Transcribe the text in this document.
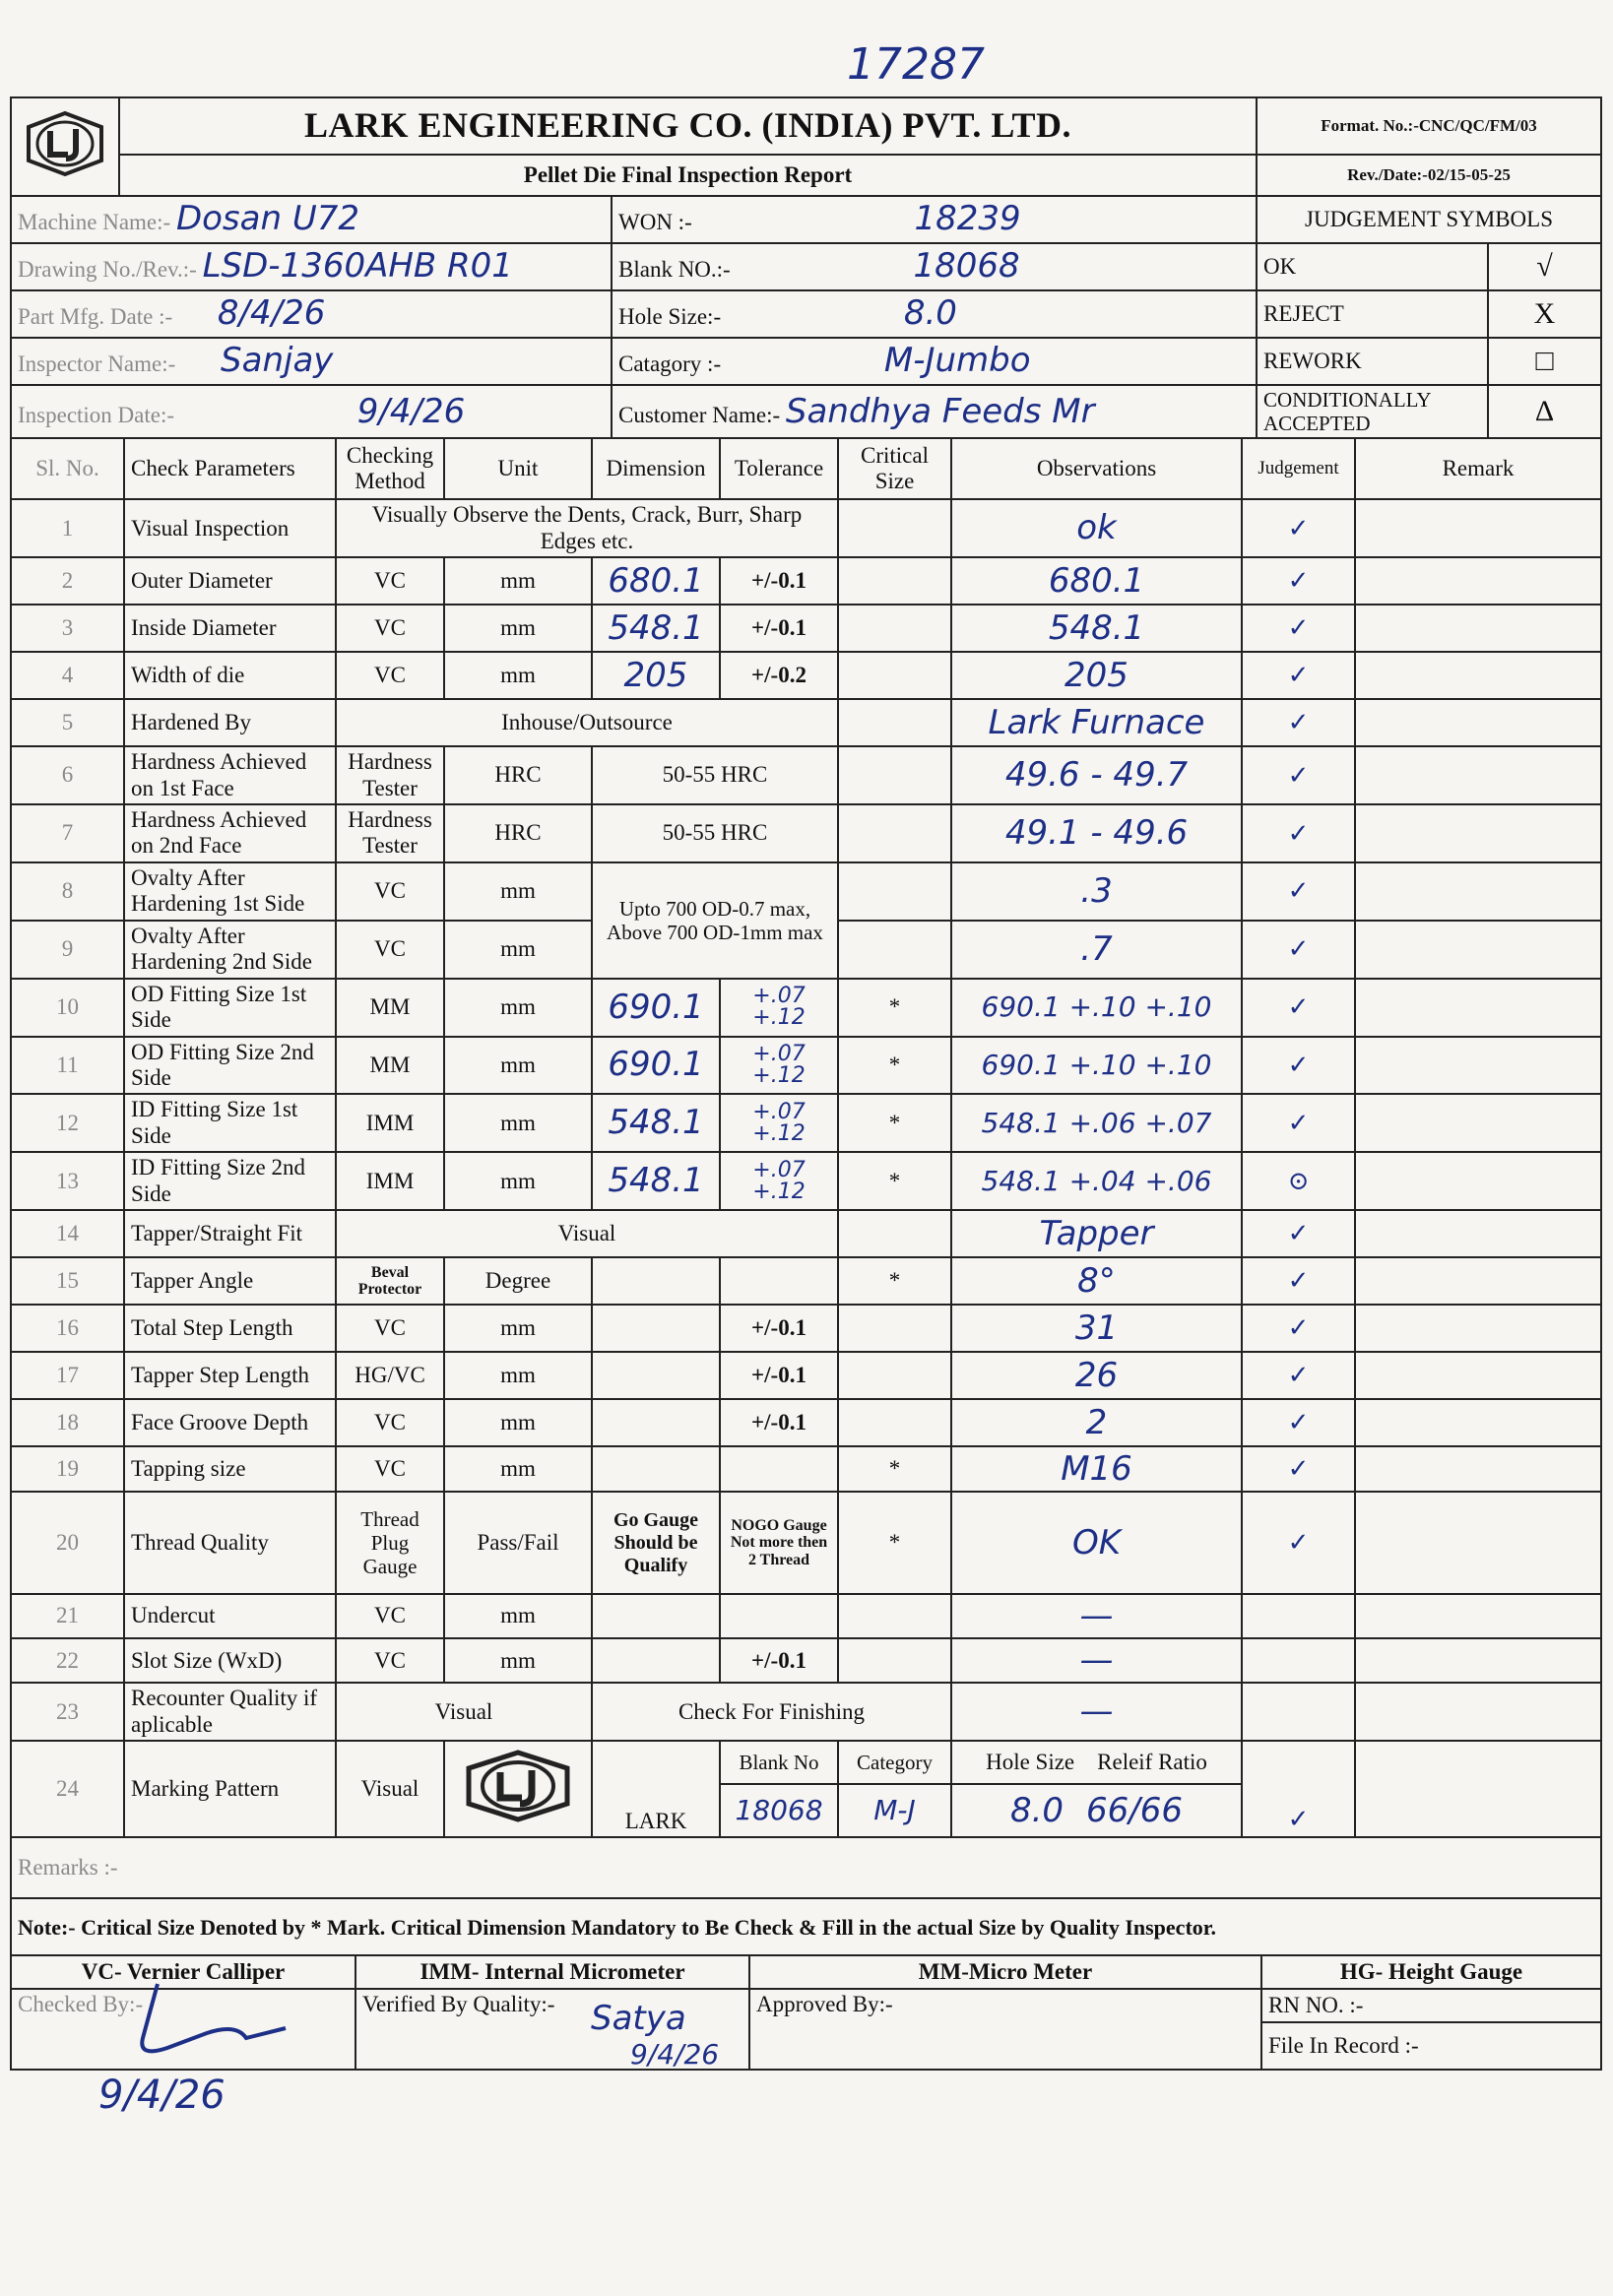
17287
	LARK ENGINEERING CO. (INDIA) PVT. LTD.		Format. No.:-CNC/QC/FM/03	
	Pellet Die Final Inspection Report		Rev./Date:-02/15-05-25	
Machine Name:- Dosan U72		WON :- 18239	JUDGEMENT SYMBOLS	
Drawing No./Rev.:- LSD-1360AHB R01		Blank NO.:- 18068	OK	√
Part Mfg. Date :- 8/4/26		Hole Size:- 8.0	REJECT	X
Inspector Name:- Sanjay		Catagory :- M-Jumbo	REWORK	□
Inspection Date:- 9/4/26		Customer Name:- Sandhya Feeds Mr	CONDITIONALLY ACCEPTED	Δ
Sl. No.	Check Parameters	Checking Method	Unit	Dimension	Tolerance	Critical Size	Observations	Judgement	Remark
1	Visual Inspection	Visually Observe the Dents, Crack, Burr, Sharp Edges etc.					ok	✓	
2	Outer Diameter	VC	mm	680.1	+/-0.1		680.1	✓	
3	Inside Diameter	VC	mm	548.1	+/-0.1		548.1	✓	
4	Width of die	VC	mm	205	+/-0.2		205	✓	
5	Hardened By	Inhouse/Outsource					Lark Furnace	✓	
6	Hardness Achieved on 1st Face	Hardness Tester	HRC	50-55 HRC			49.6 - 49.7	✓	
7	Hardness Achieved on 2nd Face	Hardness Tester	HRC	50-55 HRC			49.1 - 49.6	✓	
8	Ovalty After Hardening 1st Side	VC	mm	Upto 700 OD-0.7 max, Above 700 OD-1mm max			.3	✓	
9	Ovalty After Hardening 2nd Side	VC	mm				.7	✓	
10	OD Fitting Size 1st Side	MM	mm	690.1	+.07 +.12	*	690.1 +.10 +.10	✓	
11	OD Fitting Size 2nd Side	MM	mm	690.1	+.07 +.12	*	690.1 +.10 +.10	✓	
12	ID Fitting Size 1st Side	IMM	mm	548.1	+.07 +.12	*	548.1 +.06 +.07	✓	
13	ID Fitting Size 2nd Side	IMM	mm	548.1	+.07 +.12	*	548.1 +.04 +.06	⊙	
14	Tapper/Straight Fit	Visual					Tapper	✓	
15	Tapper Angle	Beval Protector	Degree			*	8°	✓	
16	Total Step Length	VC	mm		+/-0.1		31	✓	
17	Tapper Step Length	HG/VC	mm		+/-0.1		26	✓	
18	Face Groove Depth	VC	mm		+/-0.1		2	✓	
19	Tapping size	VC	mm			*	M16	✓	
20	Thread Quality	Thread Plug Gauge	Pass/Fail	Go Gauge Should be Qualify	NOGO Gauge Not more then 2 Thread	*	OK	✓	
21	Undercut	VC	mm				—		
22	Slot Size (WxD)	VC	mm		+/-0.1		—		
23	Recounter Quality if aplicable	Visual		Check For Finishing			—		
24	Marking Pattern	Visual		LARK	Blank No	Category	Hole Size Releif Ratio	✓	
					18068	M-J	8.0 66/66		
Remarks :-			
Note:- Critical Size Denoted by * Mark. Critical Dimension Mandatory to Be Check & Fill in the actual Size by Quality Inspector.			
VC- Vernier Calliper	IMM- Internal Micrometer	MM-Micro Meter	HG- Height Gauge
Checked By:-	Verified By Quality:-	Approved By:-	RN NO. :-
			File In Record :-
9/4/26
Satya
9/4/26
